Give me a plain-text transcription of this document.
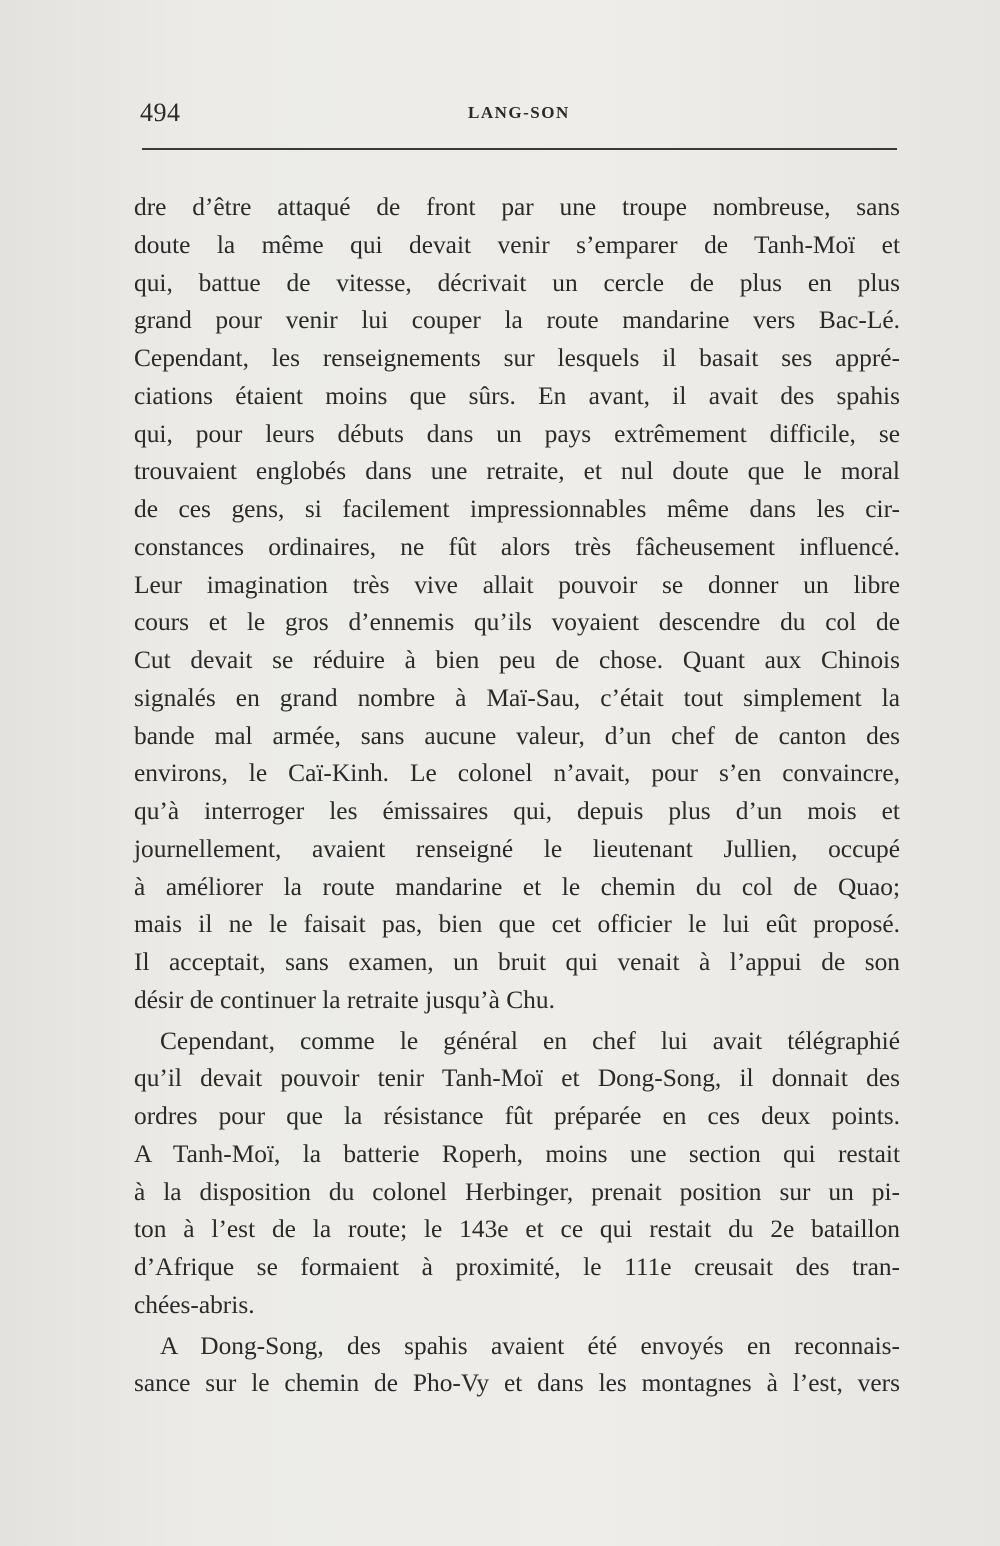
494	LANG-SON
dre d’être attaqué de front par une troupe nombreuse, sans
doute la même qui devait venir s’emparer de Tanh-Moï et
qui, battue de vitesse, décrivait un cercle de plus en plus
grand pour venir lui couper la route mandarine vers Bac-Lé.
Cependant, les renseignements sur lesquels il basait ses appré-
ciations étaient moins que sûrs. En avant, il avait des spahis
qui, pour leurs débuts dans un pays extrêmement difficile, se
trouvaient englobés dans une retraite, et nul doute que le moral
de ces gens, si facilement impressionnables même dans les cir-
constances ordinaires, ne fût alors très fâcheusement influencé.
Leur imagination très vive allait pouvoir se donner un libre
cours et le gros d’ennemis qu’ils voyaient descendre du col de
Cut devait se réduire à bien peu de chose. Quant aux Chinois
signalés en grand nombre à Maï-Sau, c’était tout simplement la
bande mal armée, sans aucune valeur, d’un chef de canton des
environs, le Caï-Kinh. Le colonel n’avait, pour s’en convaincre,
qu’à interroger les émissaires qui, depuis plus d’un mois et
journellement, avaient renseigné le lieutenant Jullien, occupé
à améliorer la route mandarine et le chemin du col de Quao;
mais il ne le faisait pas, bien que cet officier le lui eût proposé.
Il acceptait, sans examen, un bruit qui venait à l’appui de son
désir de continuer la retraite jusqu’à Chu.
Cependant, comme le général en chef lui avait télégraphié
qu’il devait pouvoir tenir Tanh-Moï et Dong-Song, il donnait des
ordres pour que la résistance fût préparée en ces deux points.
A Tanh-Moï, la batterie Roperh, moins une section qui restait
à la disposition du colonel Herbinger, prenait position sur un pi-
ton à l’est de la route; le 143e et ce qui restait du 2e bataillon
d’Afrique se formaient à proximité, le 111e creusait des tran-
chées-abris.
A Dong-Song, des spahis avaient été envoyés en reconnais-
sance sur le chemin de Pho-Vy et dans les montagnes à l’est, vers
